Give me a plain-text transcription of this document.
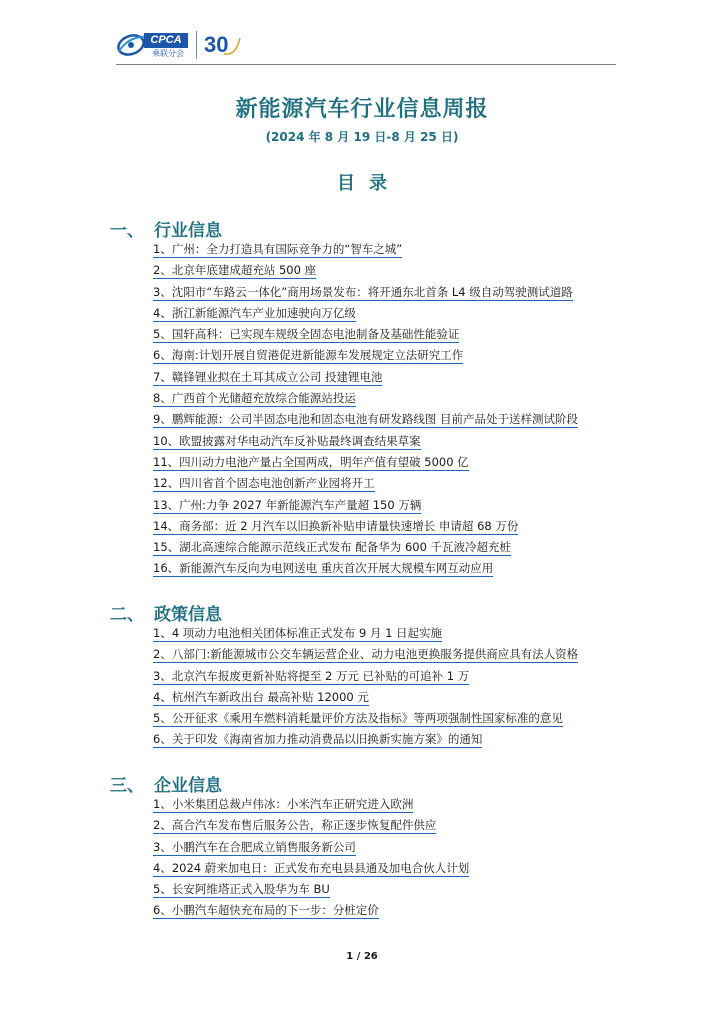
CPCA
乘联分会 30
新能源汽车行业信息周报
(2024 年 8 月 19 日-8 月 25 日)
目录
一、 行业信息
1、广州：全力打造具有国际竞争力的“智车之城”
2、北京年底建成超充站 500 座
3、沈阳市“车路云一体化”商用场景发布：将开通东北首条 L4 级自动驾驶测试道路
4、浙江新能源汽车产业加速驶向万亿级
5、国轩高科：已实现车规级全固态电池制备及基础性能验证
6、海南:计划开展自贸港促进新能源车发展规定立法研究工作
7、赣锋锂业拟在土耳其成立公司 投建锂电池
8、广西首个光储超充放综合能源站投运
9、鹏辉能源：公司半固态电池和固态电池有研发路线图 目前产品处于送样测试阶段
10、欧盟披露对华电动汽车反补贴最终调查结果草案
11、四川动力电池产量占全国两成，明年产值有望破 5000 亿
12、四川省首个固态电池创新产业园将开工
13、广州:力争 2027 年新能源汽车产量超 150 万辆
14、商务部：近 2 月汽车以旧换新补贴申请量快速增长 申请超 68 万份
15、湖北高速综合能源示范线正式发布 配备华为 600 千瓦液冷超充桩
16、新能源汽车反向为电网送电 重庆首次开展大规模车网互动应用
二、 政策信息
1、4 项动力电池相关团体标准正式发布 9 月 1 日起实施
2、八部门:新能源城市公交车辆运营企业、动力电池更换服务提供商应具有法人资格
3、北京汽车报废更新补贴将提至 2 万元 已补贴的可追补 1 万
4、杭州汽车新政出台 最高补贴 12000 元
5、公开征求《乘用车燃料消耗量评价方法及指标》等两项强制性国家标准的意见
6、关于印发《海南省加力推动消费品以旧换新实施方案》的通知
三、 企业信息
1、小米集团总裁卢伟冰：小米汽车正研究进入欧洲
2、高合汽车发布售后服务公告，称正逐步恢复配件供应
3、小鹏汽车在合肥成立销售服务新公司
4、2024 蔚来加电日：正式发布充电县县通及加电合伙人计划
5、长安阿维塔正式入股华为车 BU
6、小鹏汽车超快充布局的下一步：分桩定价
1 / 26
